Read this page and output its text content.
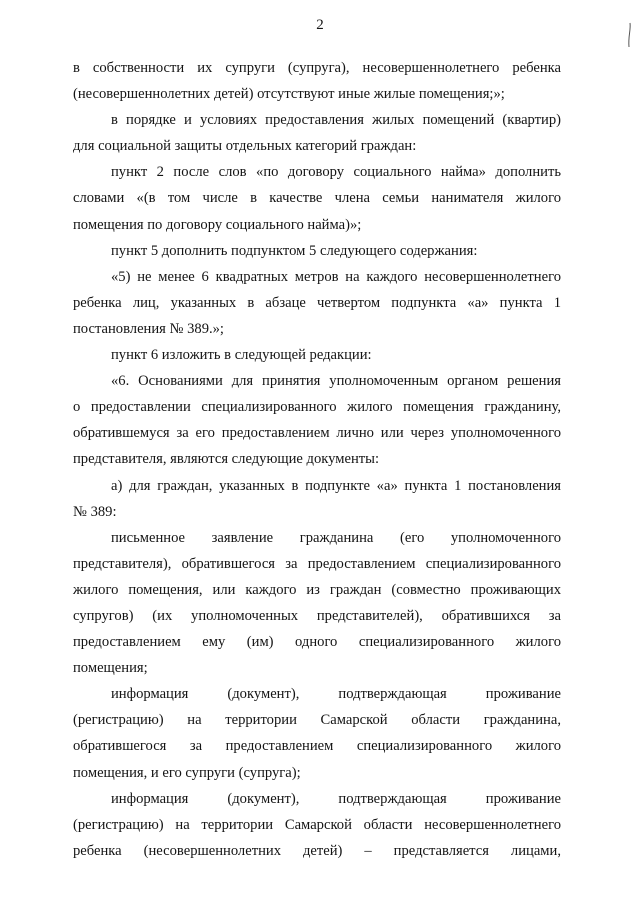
2
в собственности их супруги (супруга), несовершеннолетнего ребенка
(несовершеннолетних детей) отсутствуют иные жилые помещения;»;
в порядке и условиях предоставления жилых помещений (квартир)
для социальной защиты отдельных категорий граждан:
пункт 2 после слов «по договору социального найма» дополнить
словами «(в том числе в качестве члена семьи нанимателя жилого
помещения по договору социального найма)»;
пункт 5 дополнить подпунктом 5 следующего содержания:
«5) не менее 6 квадратных метров на каждого несовершеннолетнего
ребенка лиц, указанных в абзаце четвертом подпункта «а» пункта 1
постановления № 389.»;
пункт 6 изложить в следующей редакции:
«6. Основаниями для принятия уполномоченным органом решения
о предоставлении специализированного жилого помещения гражданину,
обратившемуся за его предоставлением лично или через уполномоченного
представителя, являются следующие документы:
а) для граждан, указанных в подпункте «а» пункта 1 постановления
№ 389:
письменное заявление гражданина (его уполномоченного
представителя), обратившегося за предоставлением специализированного
жилого помещения, или каждого из граждан (совместно проживающих
супругов) (их уполномоченных представителей), обратившихся за
предоставлением ему (им) одного специализированного жилого
помещения;
информация (документ), подтверждающая проживание
(регистрацию) на территории Самарской области гражданина,
обратившегося за предоставлением специализированного жилого
помещения, и его супруги (супруга);
информация (документ), подтверждающая проживание
(регистрацию) на территории Самарской области несовершеннолетнего
ребенка (несовершеннолетних детей) – представляется лицами,
